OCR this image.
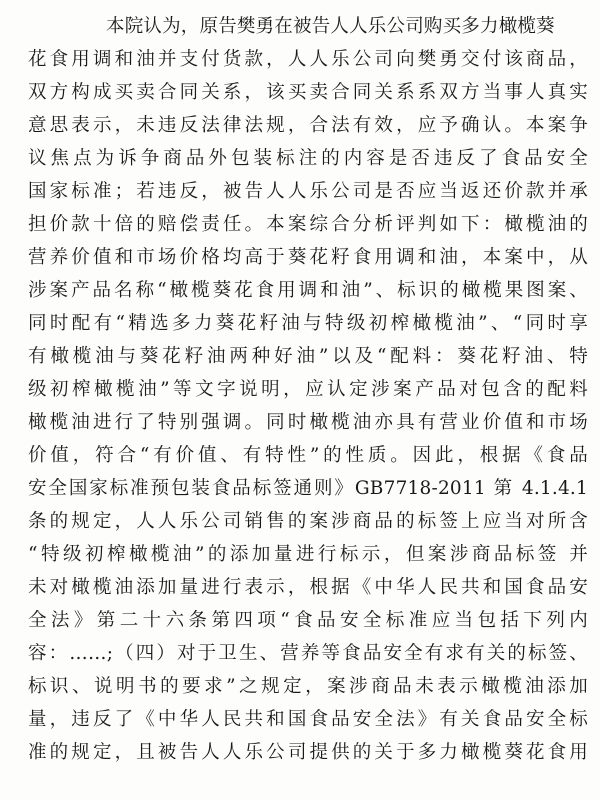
本院认为，原告樊勇在被告人人乐公司购买多力橄榄葵
花食用调和油并支付货款，人人乐公司向樊勇交付该商品，
双方构成买卖合同关系，该买卖合同关系系双方当事人真实
意思表示，未违反法律法规，合法有效，应予确认。本案争
议焦点为诉争商品外包装标注的内容是否违反了食品安全
国家标准；若违反，被告人人乐公司是否应当返还价款并承
担价款十倍的赔偿责任。本案综合分析评判如下：橄榄油的
营养价值和市场价格均高于葵花籽食用调和油，本案中，从
涉案产品名称“橄榄葵花食用调和油”、标识的橄榄果图案、
同时配有“精选多力葵花籽油与特级初榨橄榄油”、“同时享
有橄榄油与葵花籽油两种好油”以及“配料：葵花籽油、特
级初榨橄榄油”等文字说明，应认定涉案产品对包含的配料
橄榄油进行了特别强调。同时橄榄油亦具有营业价值和市场
价值，符合“有价值、有特性”的性质。因此，根据《食品
安全国家标准预包装食品标签通则》GB7718-2011 第 4.1.4.1
条的规定，人人乐公司销售的案涉商品的标签上应当对所含
“特级初榨橄榄油”的添加量进行标示，但案涉商品标签 并
未对橄榄油添加量进行表示，根据《中华人民共和国食品安
全法》第二十六条第四项“食品安全标准应当包括下列内
容：……;（四）对于卫生、营养等食品安全有求有关的标签、
标识、说明书的要求”之规定，案涉商品未表示橄榄油添加
量，违反了《中华人民共和国食品安全法》有关食品安全标
准的规定，且被告人人乐公司提供的关于多力橄榄葵花食用
